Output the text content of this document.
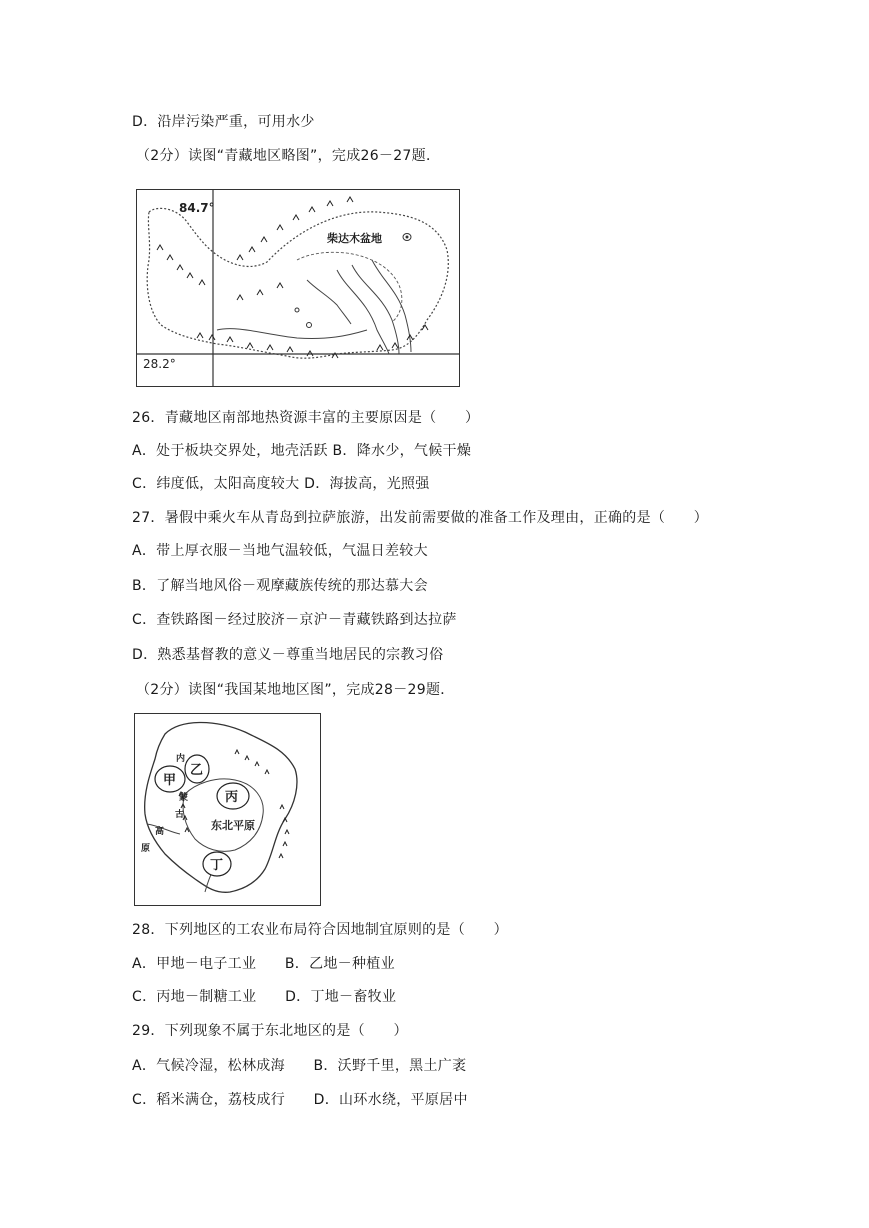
D．沿岸污染严重，可用水少
（2分）读图“青藏地区略图”，完成26－27题．
84.7°
28.2°
柴达木盆地
26．青藏地区南部地热资源丰富的主要原因是（　　）
A．处于板块交界处，地壳活跃 B．降水少，气候干燥
C．纬度低，太阳高度较大 D．海拔高，光照强
27．暑假中乘火车从青岛到拉萨旅游，出发前需要做的准备工作及理由，正确的是（　　）
A．带上厚衣服－当地气温较低，气温日差较大
B．了解当地风俗－观摩藏族传统的那达慕大会
C．查铁路图－经过胶济－京沪－青藏铁路到达拉萨
D．熟悉基督教的意义－尊重当地居民的宗教习俗
（2分）读图“我国某地地区图”，完成28－29题．
甲
乙
丙
丁
东北平原
内
蒙
古
高
原
28．下列地区的工农业布局符合因地制宜原则的是（　　）
A．甲地－电子工业　　B．乙地－种植业
C．丙地－制糖工业　　D．丁地－畜牧业
29．下列现象不属于东北地区的是（　　）
A．气候冷湿，松林成海　　B．沃野千里，黑土广袤
C．稻米满仓，荔枝成行　　D．山环水绕，平原居中
